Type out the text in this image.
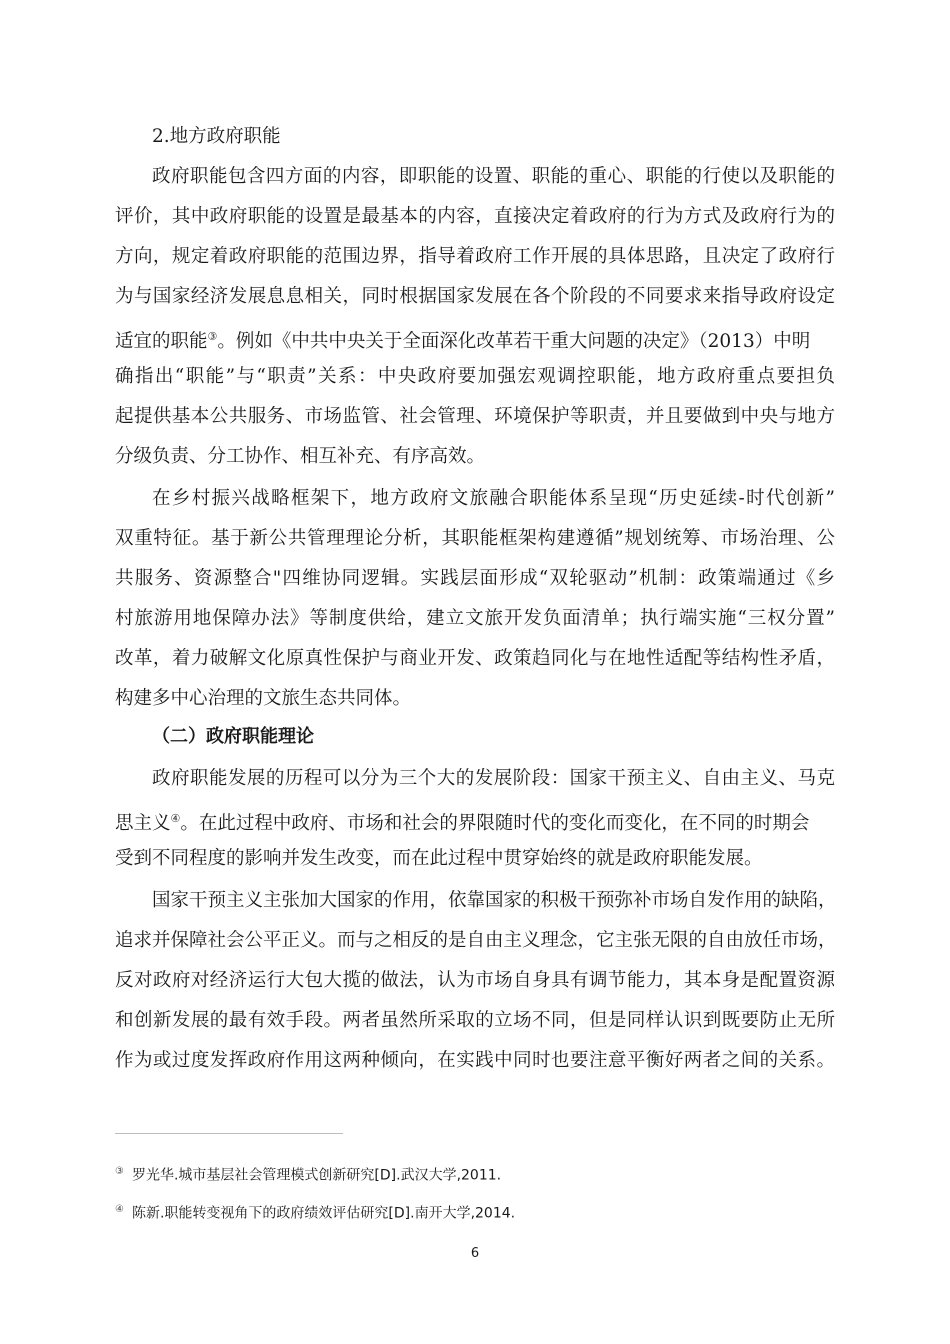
2.地方政府职能
政府职能包含四方面的内容，即职能的设置、职能的重心、职能的行使以及职能的
评价，其中政府职能的设置是最基本的内容，直接决定着政府的行为方式及政府行为的
方向，规定着政府职能的范围边界，指导着政府工作开展的具体思路，且决定了政府行
为与国家经济发展息息相关，同时根据国家发展在各个阶段的不同要求来指导政府设定
适宜的职能③。例如《中共中央关于全面深化改革若干重大问题的决定》（2013）中明
确指出“职能”与“职责”关系：中央政府要加强宏观调控职能，地方政府重点要担负
起提供基本公共服务、市场监管、社会管理、环境保护等职责，并且要做到中央与地方
分级负责、分工协作、相互补充、有序高效。
在乡村振兴战略框架下，地方政府文旅融合职能体系呈现“历史延续-时代创新”
双重特征。基于新公共管理理论分析，其职能框架构建遵循”规划统筹、市场治理、公
共服务、资源整合"四维协同逻辑。实践层面形成“双轮驱动”机制：政策端通过《乡
村旅游用地保障办法》等制度供给，建立文旅开发负面清单；执行端实施“三权分置”
改革，着力破解文化原真性保护与商业开发、政策趋同化与在地性适配等结构性矛盾，
构建多中心治理的文旅生态共同体。
（二）政府职能理论
政府职能发展的历程可以分为三个大的发展阶段：国家干预主义、自由主义、马克
思主义④。在此过程中政府、市场和社会的界限随时代的变化而变化，在不同的时期会
受到不同程度的影响并发生改变，而在此过程中贯穿始终的就是政府职能发展。
国家干预主义主张加大国家的作用，依靠国家的积极干预弥补市场自发作用的缺陷，
追求并保障社会公平正义。而与之相反的是自由主义理念，它主张无限的自由放任市场，
反对政府对经济运行大包大揽的做法，认为市场自身具有调节能力，其本身是配置资源
和创新发展的最有效手段。两者虽然所采取的立场不同，但是同样认识到既要防止无所
作为或过度发挥政府作用这两种倾向，在实践中同时也要注意平衡好两者之间的关系。
③ 罗光华.城市基层社会管理模式创新研究[D].武汉大学,2011.
④ 陈新.职能转变视角下的政府绩效评估研究[D].南开大学,2014.
6
